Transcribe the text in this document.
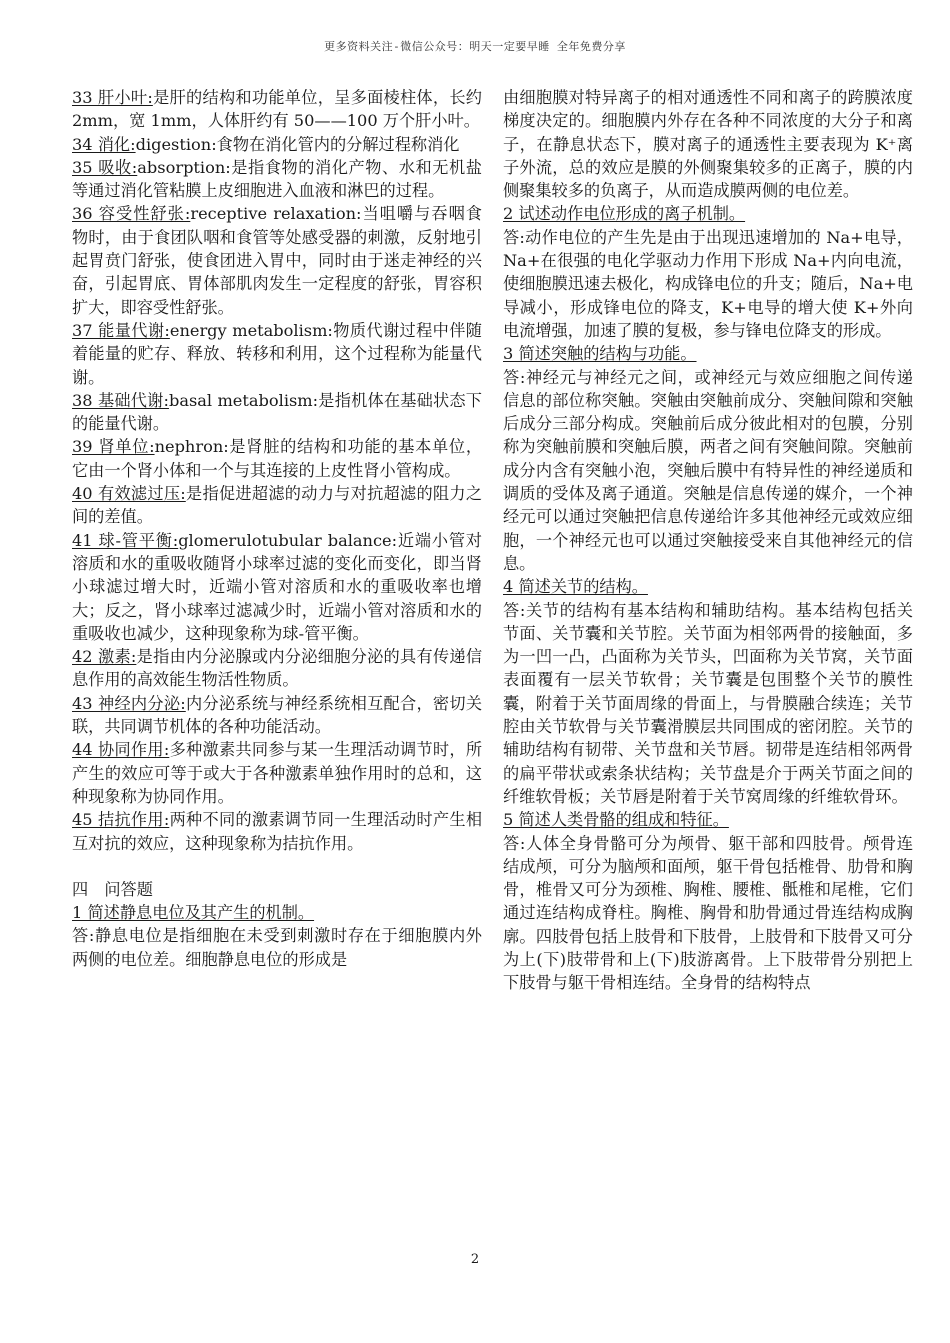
更多资料关注-微信公众号：明天一定要早睡 全年免费分享

33 肝小叶:是肝的结构和功能单位，呈多面棱柱体，长约 2mm，宽 1mm，人体肝约有 50——100 万个肝小叶。

34 消化:digestion:食物在消化管内的分解过程称消化

35 吸收:absorption:是指食物的消化产物、水和无机盐等通过消化管粘膜上皮细胞进入血液和淋巴的过程。

36 容受性舒张:receptive relaxation:当咀嚼与吞咽食物时，由于食团队咽和食管等处感受器的刺激，反射地引起胃贲门舒张，使食团进入胃中，同时由于迷走神经的兴奋，引起胃底、胃体部肌肉发生一定程度的舒张，胃容积扩大，即容受性舒张。

37 能量代谢:energy metabolism:物质代谢过程中伴随着能量的贮存、释放、转移和利用，这个过程称为能量代谢。

38 基础代谢:basal metabolism:是指机体在基础状态下的能量代谢。

39 肾单位:nephron:是肾脏的结构和功能的基本单位，它由一个肾小体和一个与其连接的上皮性肾小管构成。

40 有效滤过压:是指促进超滤的动力与对抗超滤的阻力之间的差值。

41 球-管平衡:glomerulotubular balance:近端小管对溶质和水的重吸收随肾小球率过滤的变化而变化，即当肾小球滤过增大时，近端小管对溶质和水的重吸收率也增大；反之，肾小球率过滤减少时，近端小管对溶质和水的重吸收也减少，这种现象称为球-管平衡。

42 激素:是指由内分泌腺或内分泌细胞分泌的具有传递信息作用的高效能生物活性物质。

43 神经内分泌:内分泌系统与神经系统相互配合，密切关联，共同调节机体的各种功能活动。

44 协同作用:多种激素共同参与某一生理活动调节时，所产生的效应可等于或大于各种激素单独作用时的总和，这种现象称为协同作用。

45 拮抗作用:两种不同的激素调节同一生理活动时产生相互对抗的效应，这种现象称为拮抗作用。

四　问答题

1 简述静息电位及其产生的机制。

答:静息电位是指细胞在未受到刺激时存在于细胞膜内外两侧的电位差。细胞静息电位的形成是

由细胞膜对特异离子的相对通透性不同和离子的跨膜浓度梯度决定的。细胞膜内外存在各种不同浓度的大分子和离子，在静息状态下，膜对离子的通透性主要表现为 K⁺离子外流，总的效应是膜的外侧聚集较多的正离子，膜的内侧聚集较多的负离子，从而造成膜两侧的电位差。

2 试述动作电位形成的离子机制。

答:动作电位的产生先是由于出现迅速增加的 Na+电导，Na+在很强的电化学驱动力作用下形成 Na+内向电流，使细胞膜迅速去极化，构成锋电位的升支；随后，Na+电导减小，形成锋电位的降支，K+电导的增大使 K+外向电流增强，加速了膜的复极，参与锋电位降支的形成。

3 简述突触的结构与功能。

答:神经元与神经元之间，或神经元与效应细胞之间传递信息的部位称突触。突触由突触前成分、突触间隙和突触后成分三部分构成。突触前后成分彼此相对的包膜，分别称为突触前膜和突触后膜，两者之间有突触间隙。突触前成分内含有突触小泡，突触后膜中有特异性的神经递质和调质的受体及离子通道。突触是信息传递的媒介，一个神经元可以通过突触把信息传递给许多其他神经元或效应细胞，一个神经元也可以通过突触接受来自其他神经元的信息。

4 简述关节的结构。

答:关节的结构有基本结构和辅助结构。基本结构包括关节面、关节囊和关节腔。关节面为相邻两骨的接触面，多为一凹一凸，凸面称为关节头，凹面称为关节窝，关节面表面覆有一层关节软骨；关节囊是包围整个关节的膜性囊，附着于关节面周缘的骨面上，与骨膜融合续连；关节腔由关节软骨与关节囊滑膜层共同围成的密闭腔。关节的辅助结构有韧带、关节盘和关节唇。韧带是连结相邻两骨的扁平带状或索条状结构；关节盘是介于两关节面之间的纤维软骨板；关节唇是附着于关节窝周缘的纤维软骨环。

5 简述人类骨骼的组成和特征。

答:人体全身骨骼可分为颅骨、躯干部和四肢骨。颅骨连结成颅，可分为脑颅和面颅，躯干骨包括椎骨、肋骨和胸骨，椎骨又可分为颈椎、胸椎、腰椎、骶椎和尾椎，它们通过连结构成脊柱。胸椎、胸骨和肋骨通过骨连结构成胸廓。四肢骨包括上肢骨和下肢骨，上肢骨和下肢骨又可分为上(下)肢带骨和上(下)肢游离骨。上下肢带骨分别把上下肢骨与躯干骨相连结。全身骨的结构特点

2
